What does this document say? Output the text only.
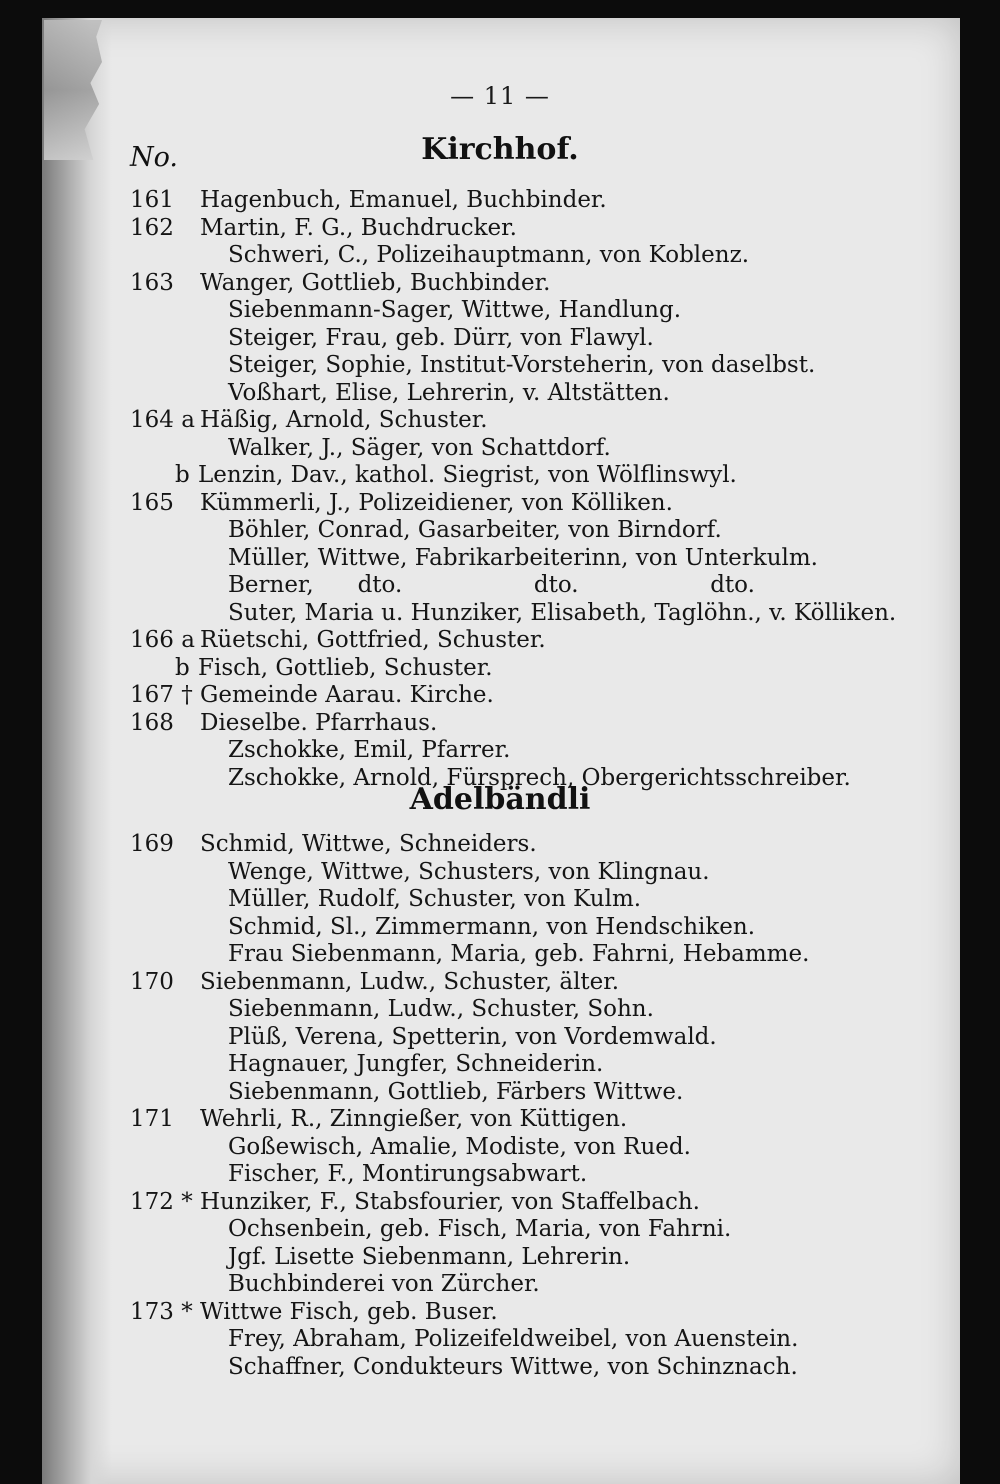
— 11 —
No.	Kirchhof.
Adelbändli
161 Hagenbuch, Emanuel, Buchbinder.
162 Martin, F. G., Buchdrucker.
Schweri, C., Polizeihauptmann, von Koblenz.
163 Wanger, Gottlieb, Buchbinder.
Siebenmann-Sager, Wittwe, Handlung.
Steiger, Frau, geb. Dürr, von Flawyl.
Steiger, Sophie, Institut-Vorsteherin, von daselbst.
Voßhart, Elise, Lehrerin, v. Altstätten.
164 a Häßig, Arnold, Schuster.
Walker, J., Säger, von Schattdorf.
b Lenzin, Dav., kathol. Siegrist, von Wölflinswyl.
165 Kümmerli, J., Polizeidiener, von Kölliken.
Böhler, Conrad, Gasarbeiter, von Birndorf.
Müller, Wittwe, Fabrikarbeiterinn, von Unterkulm.
Berner,      dto.                  dto.                  dto.
Suter, Maria u. Hunziker, Elisabeth, Taglöhn., v. Kölliken.
166 a Rüetschi, Gottfried, Schuster.
b Fisch, Gottlieb, Schuster.
167 † Gemeinde Aarau. Kirche.
168 Dieselbe. Pfarrhaus.
Zschokke, Emil, Pfarrer.
Zschokke, Arnold, Fürsprech, Obergerichtsschreiber.
169 Schmid, Wittwe, Schneiders.
Wenge, Wittwe, Schusters, von Klingnau.
Müller, Rudolf, Schuster, von Kulm.
Schmid, Sl., Zimmermann, von Hendschiken.
Frau Siebenmann, Maria, geb. Fahrni, Hebamme.
170 Siebenmann, Ludw., Schuster, älter.
Siebenmann, Ludw., Schuster, Sohn.
Plüß, Verena, Spetterin, von Vordemwald.
Hagnauer, Jungfer, Schneiderin.
Siebenmann, Gottlieb, Färbers Wittwe.
171 Wehrli, R., Zinngießer, von Küttigen.
Goßewisch, Amalie, Modiste, von Rued.
Fischer, F., Montirungsabwart.
172 * Hunziker, F., Stabsfourier, von Staffelbach.
Ochsenbein, geb. Fisch, Maria, von Fahrni.
Jgf. Lisette Siebenmann, Lehrerin.
Buchbinderei von Zürcher.
173 * Wittwe Fisch, geb. Buser.
Frey, Abraham, Polizeifeldweibel, von Auenstein.
Schaffner, Condukteurs Wittwe, von Schinznach.
